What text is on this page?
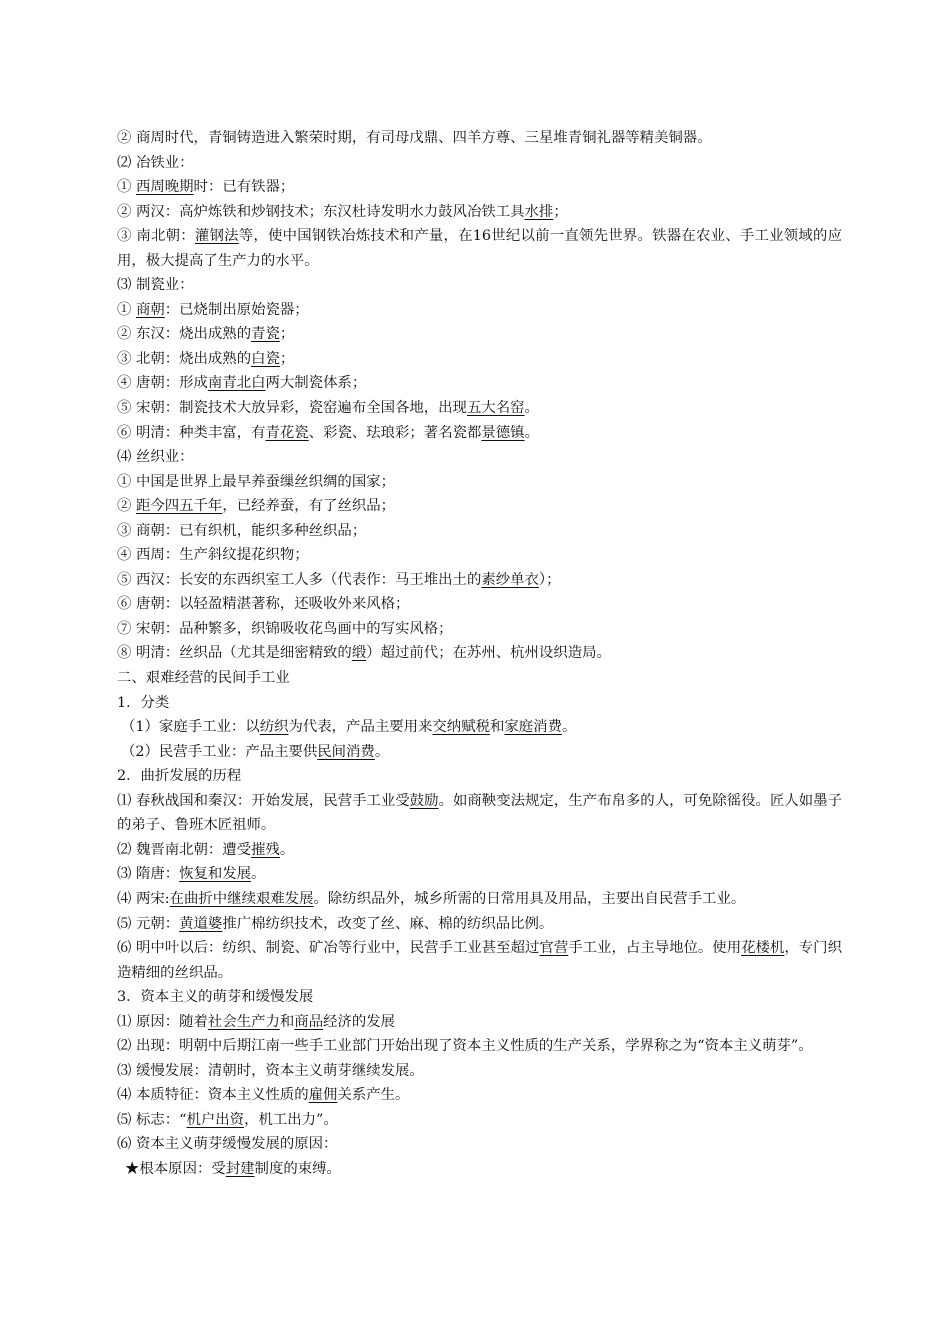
② 商周时代，青铜铸造进入繁荣时期，有司母戊鼎、四羊方尊、三星堆青铜礼器等精美铜器。
⑵ 冶铁业：
① 西周晚期时：已有铁器；
② 两汉：高炉炼铁和炒钢技术；东汉杜诗发明水力鼓风冶铁工具水排；
③ 南北朝：灌钢法等，使中国钢铁冶炼技术和产量，在16世纪以前一直领先世界。铁器在农业、手工业领域的应用，极大提高了生产力的水平。
⑶ 制瓷业：
① 商朝：已烧制出原始瓷器；
② 东汉：烧出成熟的青瓷；
③ 北朝：烧出成熟的白瓷；
④ 唐朝：形成南青北白两大制瓷体系；
⑤ 宋朝：制瓷技术大放异彩，瓷窑遍布全国各地，出现五大名窑。
⑥ 明清：种类丰富，有青花瓷、彩瓷、珐琅彩；著名瓷都景德镇。
⑷ 丝织业：
① 中国是世界上最早养蚕缫丝织绸的国家；
② 距今四五千年，已经养蚕，有了丝织品；
③ 商朝：已有织机，能织多种丝织品；
④ 西周：生产斜纹提花织物；
⑤ 西汉：长安的东西织室工人多（代表作：马王堆出土的素纱单衣）；
⑥ 唐朝：以轻盈精湛著称，还吸收外来风格；
⑦ 宋朝：品种繁多，织锦吸收花鸟画中的写实风格；
⑧ 明清：丝织品（尤其是细密精致的缎）超过前代；在苏州、杭州设织造局。
二、艰难经营的民间手工业
1．分类
（1）家庭手工业：以纺织为代表，产品主要用来交纳赋税和家庭消费。
（2）民营手工业：产品主要供民间消费。
2．曲折发展的历程
⑴ 春秋战国和秦汉：开始发展，民营手工业受鼓励。如商鞅变法规定，生产布帛多的人，可免除徭役。匠人如墨子的弟子、鲁班木匠祖师。
⑵ 魏晋南北朝：遭受摧残。
⑶ 隋唐：恢复和发展。
⑷ 两宋:在曲折中继续艰难发展。除纺织品外，城乡所需的日常用具及用品，主要出自民营手工业。
⑸ 元朝：黄道婆推广棉纺织技术，改变了丝、麻、棉的纺织品比例。
⑹ 明中叶以后：纺织、制瓷、矿冶等行业中，民营手工业甚至超过官营手工业，占主导地位。使用花楼机，专门织造精细的丝织品。
3．资本主义的萌芽和缓慢发展
⑴ 原因：随着社会生产力和商品经济的发展
⑵ 出现：明朝中后期江南一些手工业部门开始出现了资本主义性质的生产关系，学界称之为“资本主义萌芽”。
⑶ 缓慢发展：清朝时，资本主义萌芽继续发展。
⑷ 本质特征：资本主义性质的雇佣关系产生。
⑸ 标志：“机户出资，机工出力”。
⑹ 资本主义萌芽缓慢发展的原因：
★根本原因：受封建制度的束缚。
